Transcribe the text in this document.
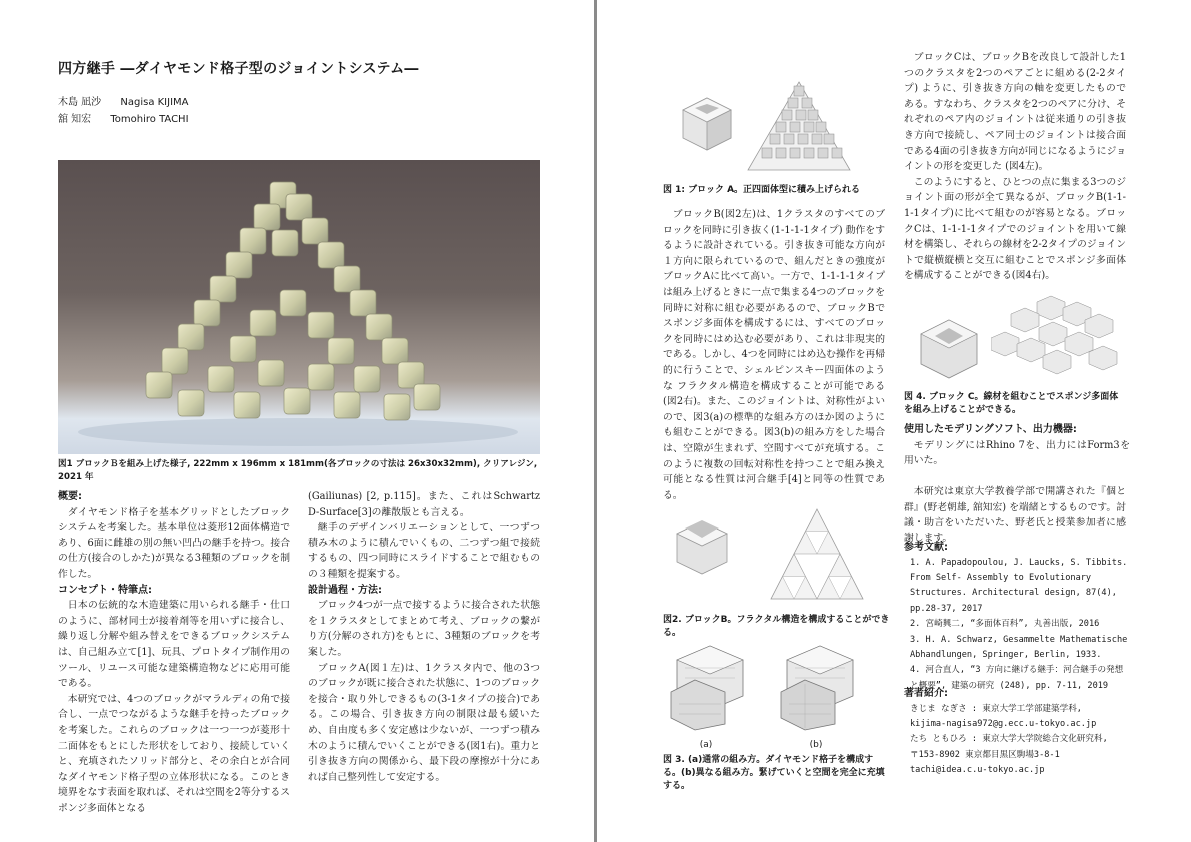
四方継手 ―ダイヤモンド格子型のジョイントシステム―
木島 凪沙 Nagisa KIJIMA
舘 知宏 Tomohiro TACHI
図1 ブロックＢを組み上げた様子, 222mm x 196mm x 181mm(各ブロックの寸法は 26x30x32mm), クリアレジン, 2021 年
概要:

ダイヤモンド格子を基本グリッドとしたブロックシステムを考案した。基本単位は菱形12面体構造であり、6面に雌雄の別の無い凹凸の継手を持つ。接合の仕方(接合のしかた)が異なる3種類のブロックを制作した。

コンセプト・特筆点:

日本の伝統的な木造建築に用いられる継手・仕口 のように、部材同士が接着剤等を用いずに接合し、繰り返し分解や組み替えをできるブロックシステムは、自己組み立て[1]、玩具、プロトタイプ制作用のツール、リユース可能な建築構造物などに応用可能である。

本研究では、4つのブロックがマラルディの角で接合し、一点でつながるような継手を持ったブロックを考案した。これらのブロックは一つ一つが菱形十二面体をもとにした形状をしており、接続していくと、充填されたソリッド部分と、その余白とが合同なダイヤモンド格子型の立体形状になる。このとき境界をなす表面を取れば、それは空間を2等分するスポンジ多面体となる

(Gailiunas) [2, p.115]。また、これはSchwartz D-Surface[3]の離散版とも言える。

継手のデザインバリエーションとして、一つずつ積み木のように積んでいくもの、二つずつ組で接続するもの、四つ同時にスライドすることで組むものの３種類を提案する。

設計過程・方法:

ブロック4つが一点で接するように接合された状態を１クラスタとしてまとめて考え、ブロックの繋がり方(分解のされ方)をもとに、3種類のブロックを考案した。

ブロックA(図１左)は、1クラスタ内で、他の3つのブロックが既に接合された状態に、1つのブロックを接合・取り外しできるもの(3-1タイプの接合)である。この場合、引き抜き方向の制限は最も緩いため、自由度も多く安定感は少ないが、一つずつ積み木のように積んでいくことができる(図1右)。重力と引き抜き方向の関係から、最下段の摩擦が十分にあれば自己整列性して安定する。

図 1: ブロック A。正四面体型に積み上げられる

ブロックB(図2左)は、1クラスタのすべてのブロックを同時に引き抜く(1-1-1-1タイプ) 動作をするように設計されている。引き抜き可能な方向が１方向に限られているので、組んだときの強度がブロックAに比べて高い。一方で、1-1-1-1タイプは組み上げるときに一点で集まる4つのブロックを同時に対称に組む必要があるので、ブロックBでスポンジ多面体を構成するには、すべてのブロックを同時にはめ込む必要があり、これは非現実的である。しかし、4つを同時にはめ込む操作を再帰的に行うことで、シェルピンスキー四面体のような フラクタル構造を構成することが可能である(図2右)。また、このジョイントは、対称性がよいので、図3(a)の標準的な組み方のほか図のようにも組むことができる。図3(b)の組み方をした場合は、空隙が生まれず、空間すべてが充填する。このように複数の回転対称性を持つことで組み換え可能となる性質は河合継手[4]と同等の性質である。

図2. ブロックB。フラクタル構造を構成することができる。
(a)	(b)
図 3. (a)通常の組み方。ダイヤモンド格子を構成する。(b)異なる組み方。緊げていくと空間を完全に充填する。

ブロックCは、ブロックBを改良して設計した1つのクラスタを2つのペアごとに組める(2-2タイプ) ように、引き抜き方向の軸を変更したものである。すなわち、クラスタを2つのペアに分け、それぞれのペア内のジョイントは従来通りの引き抜き方向で接続し、ペア同士のジョイントは接合面である4面の引き抜き方向が同じになるようにジョイントの形を変更した (図4左)。

このようにすると、ひとつの点に集まる3つのジョイント面の形が全て異なるが、ブロックB(1-1-1-1タイプ)に比べて組むのが容易となる。ブロックCは、1-1-1-1タイプでのジョイントを用いて線材を構築し、それらの線材を2-2タイプのジョイントで縦横縦横と交互に組むことでスポンジ多面体を構成することができる(図4右)。

図 4. ブロック C。線材を組むことでスポンジ多面体を組み上げることができる。
使用したモデリングソフト、出力機器:

モデリングにはRhino 7を、出力にはForm3を用いた。

本研究は東京大学教養学部で開講された『個と群』(野老朝雄, 舘知宏) を端緒とするものです。討議・助言をいただいた、野老氏と授業参加者に感謝します。

参考文献:

1. A. Papadopoulou, J. Laucks, S. Tibbits. From Self- Assembly to Evolutionary Structures. Architectural design, 87(4), pp.28-37, 2017

2. 宮崎興二, “多面体百科”, 丸善出版, 2016

3. H. A. Schwarz, Gesammelte Mathematische Abhandlungen, Springer, Berlin, 1933.

4. 河合直人, “3 方向に継げる継手：河合継手の発想と概要”, 建築の研究 (248), pp. 7-11, 2019

著者紹介:
きじま なぎさ : 東京大学工学部建築学科,
kijima-nagisa972@g.ecc.u-tokyo.ac.jp
たち ともひろ : 東京大学大学院総合文化研究科,
〒153-8902 東京都目黒区駒場3-8-1
tachi@idea.c.u-tokyo.ac.jp
